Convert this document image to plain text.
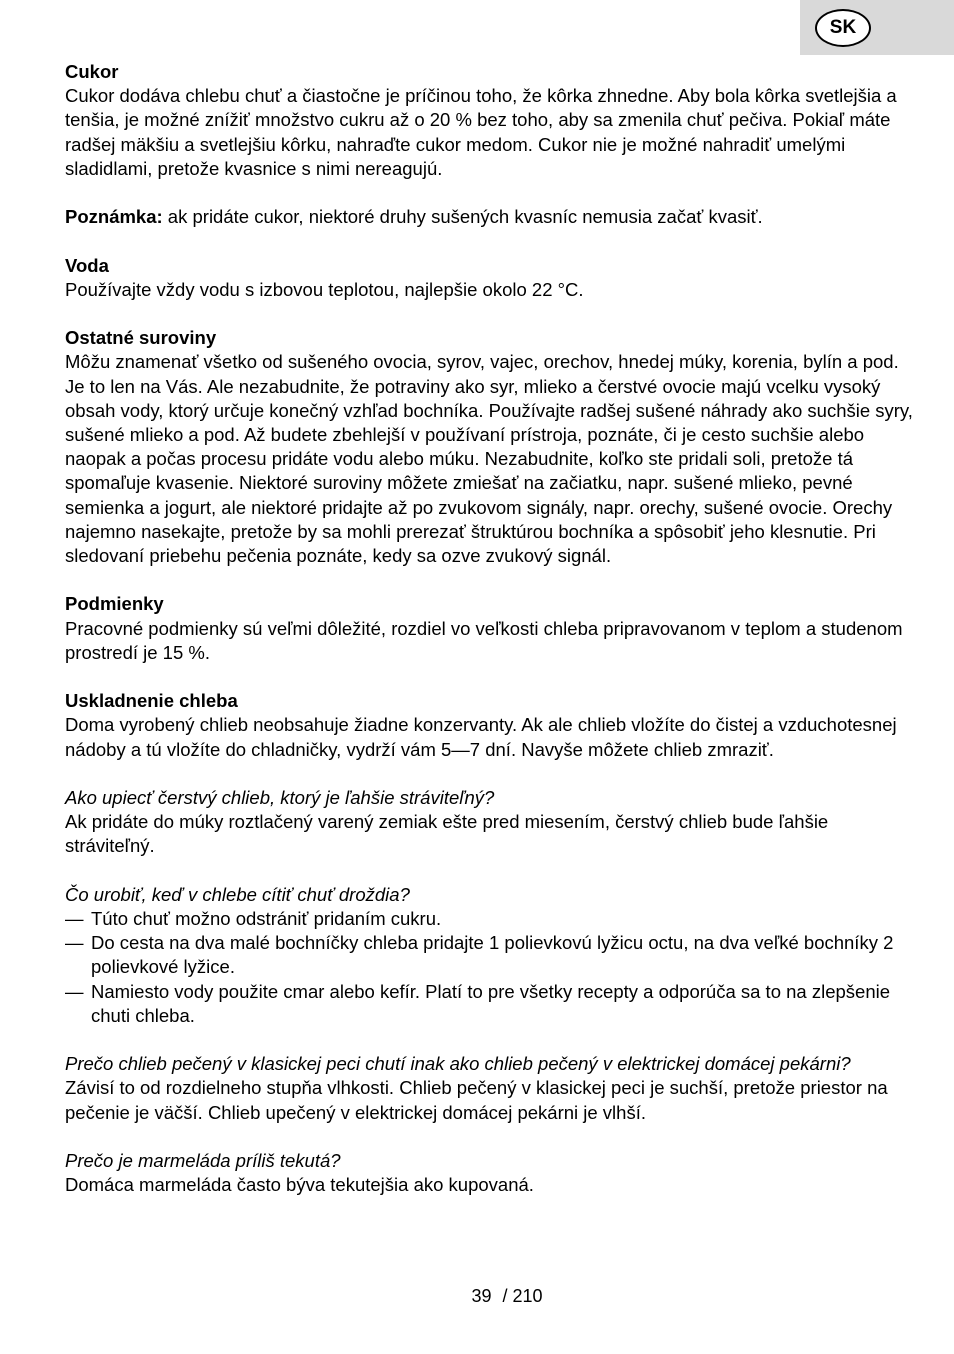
SK

Cukor

Cukor dodáva chlebu chuť a čiastočne je príčinou toho, že kôrka zhnedne. Aby bola kôrka svetlejšia a tenšia, je možné znížiť množstvo cukru až o 20 % bez toho, aby sa zmenila chuť pečiva. Pokiaľ máte radšej mäkšiu a svetlejšiu kôrku, nahraďte cukor medom. Cukor nie je možné nahradiť umelými sladidlami, pretože kvasnice s nimi nereagujú.

Poznámka: ak pridáte cukor, niektoré druhy sušených kvasníc nemusia začať kvasiť.

Voda

Používajte vždy vodu s izbovou teplotou, najlepšie okolo 22 °C.

Ostatné suroviny

Môžu znamenať všetko od sušeného ovocia, syrov, vajec, orechov, hnedej múky, korenia, bylín a pod. Je to len na Vás. Ale nezabudnite, že potraviny ako syr, mlieko a čerstvé ovocie majú vcelku vysoký obsah vody, ktorý určuje konečný vzhľad bochníka. Používajte radšej sušené náhrady ako suchšie syry, sušené mlieko a pod. Až budete zbehlejší v používaní prístroja, poznáte, či je cesto suchšie alebo naopak a počas procesu pridáte vodu alebo múku. Nezabudnite, koľko ste pridali soli, pretože tá spomaľuje kvasenie. Niektoré suroviny môžete zmiešať na začiatku, napr. sušené mlieko, pevné semienka a jogurt, ale niektoré pridajte až po zvukovom signály, napr. orechy, sušené ovocie. Orechy najemno nasekajte, pretože by sa mohli prerezať štruktúrou bochníka a spôsobiť jeho klesnutie. Pri sledovaní priebehu pečenia poznáte, kedy sa ozve zvukový signál.

Podmienky

Pracovné podmienky sú veľmi dôležité, rozdiel vo veľkosti chleba pripravovanom v teplom a studenom prostredí je 15 %.

Uskladnenie chleba

Doma vyrobený chlieb neobsahuje žiadne konzervanty. Ak ale chlieb vložíte do čistej a vzduchotesnej nádoby a tú vložíte do chladničky, vydrží vám 5—7 dní. Navyše môžete chlieb zmraziť.

Ako upiecť čerstvý chlieb, ktorý je ľahšie stráviteľný?

Ak pridáte do múky roztlačený varený zemiak ešte pred miesením, čerstvý chlieb bude ľahšie stráviteľný.

Čo urobiť, keď v chlebe cítiť chuť droždia?

— Túto chuť možno odstrániť pridaním cukru.
— Do cesta na dva malé bochníčky chleba pridajte 1 polievkovú lyžicu octu, na dva veľké bochníky 2 polievkové lyžice.
— Namiesto vody použite cmar alebo kefír. Platí to pre všetky recepty a odporúča sa to na zlepšenie chuti chleba.

Prečo chlieb pečený v klasickej peci chutí inak ako chlieb pečený v elektrickej domácej pekárni?

Závisí to od rozdielneho stupňa vlhkosti. Chlieb pečený v klasickej peci je suchší, pretože priestor na pečenie je väčší. Chlieb upečený v elektrickej domácej pekárni je vlhší.

Prečo je marmeláda príliš tekutá?

Domáca marmeláda často býva tekutejšia ako kupovaná.

39 / 210
